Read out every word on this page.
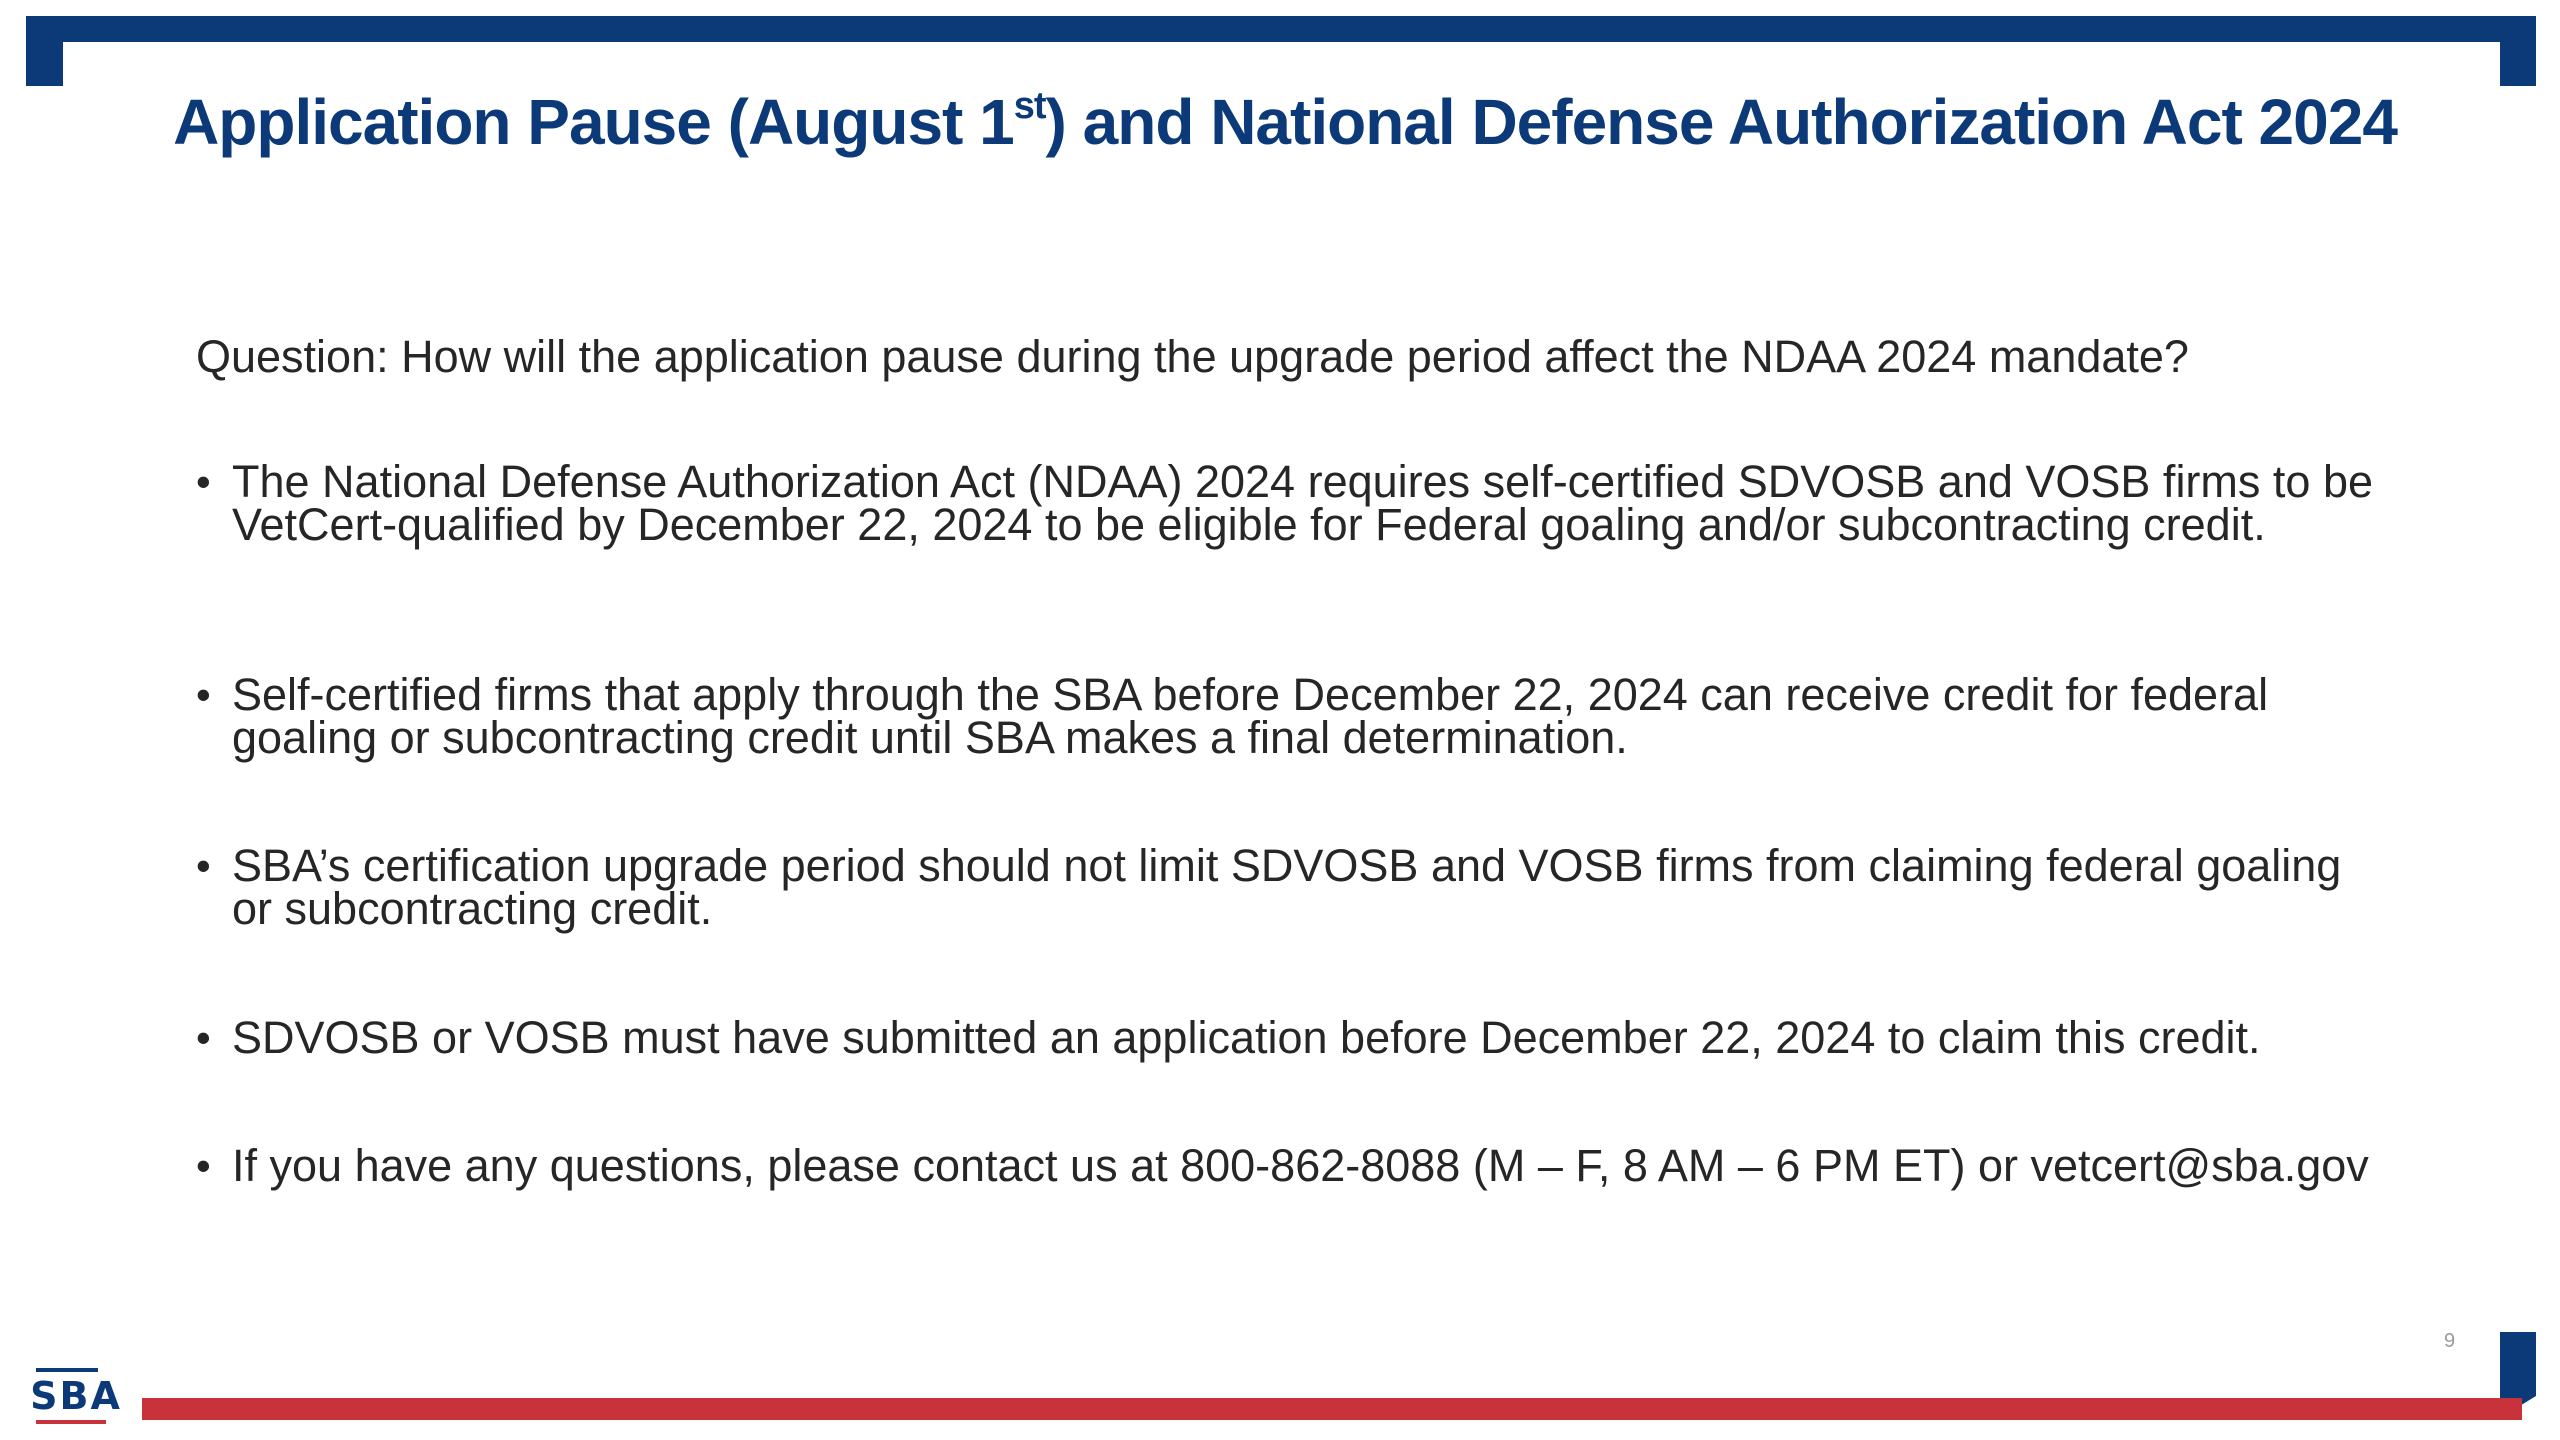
Application Pause (August 1st) and National Defense Authorization Act 2024
Question: How will the application pause during the upgrade period affect the NDAA 2024 mandate?
• The National Defense Authorization Act (NDAA) 2024 requires self-certified SDVOSB and VOSB firms to be VetCert-qualified by December 22, 2024 to be eligible for Federal goaling and/or subcontracting credit.
• Self-certified firms that apply through the SBA before December 22, 2024 can receive credit for federal goaling or subcontracting credit until SBA makes a final determination.
• SBA’s certification upgrade period should not limit SDVOSB and VOSB firms from claiming federal goaling or subcontracting credit.
• SDVOSB or VOSB must have submitted an application before December 22, 2024 to claim this credit.
• If you have any questions, please contact us at 800-862-8088 (M – F, 8 AM – 6 PM ET) or vetcert@sba.gov
9
SBA
